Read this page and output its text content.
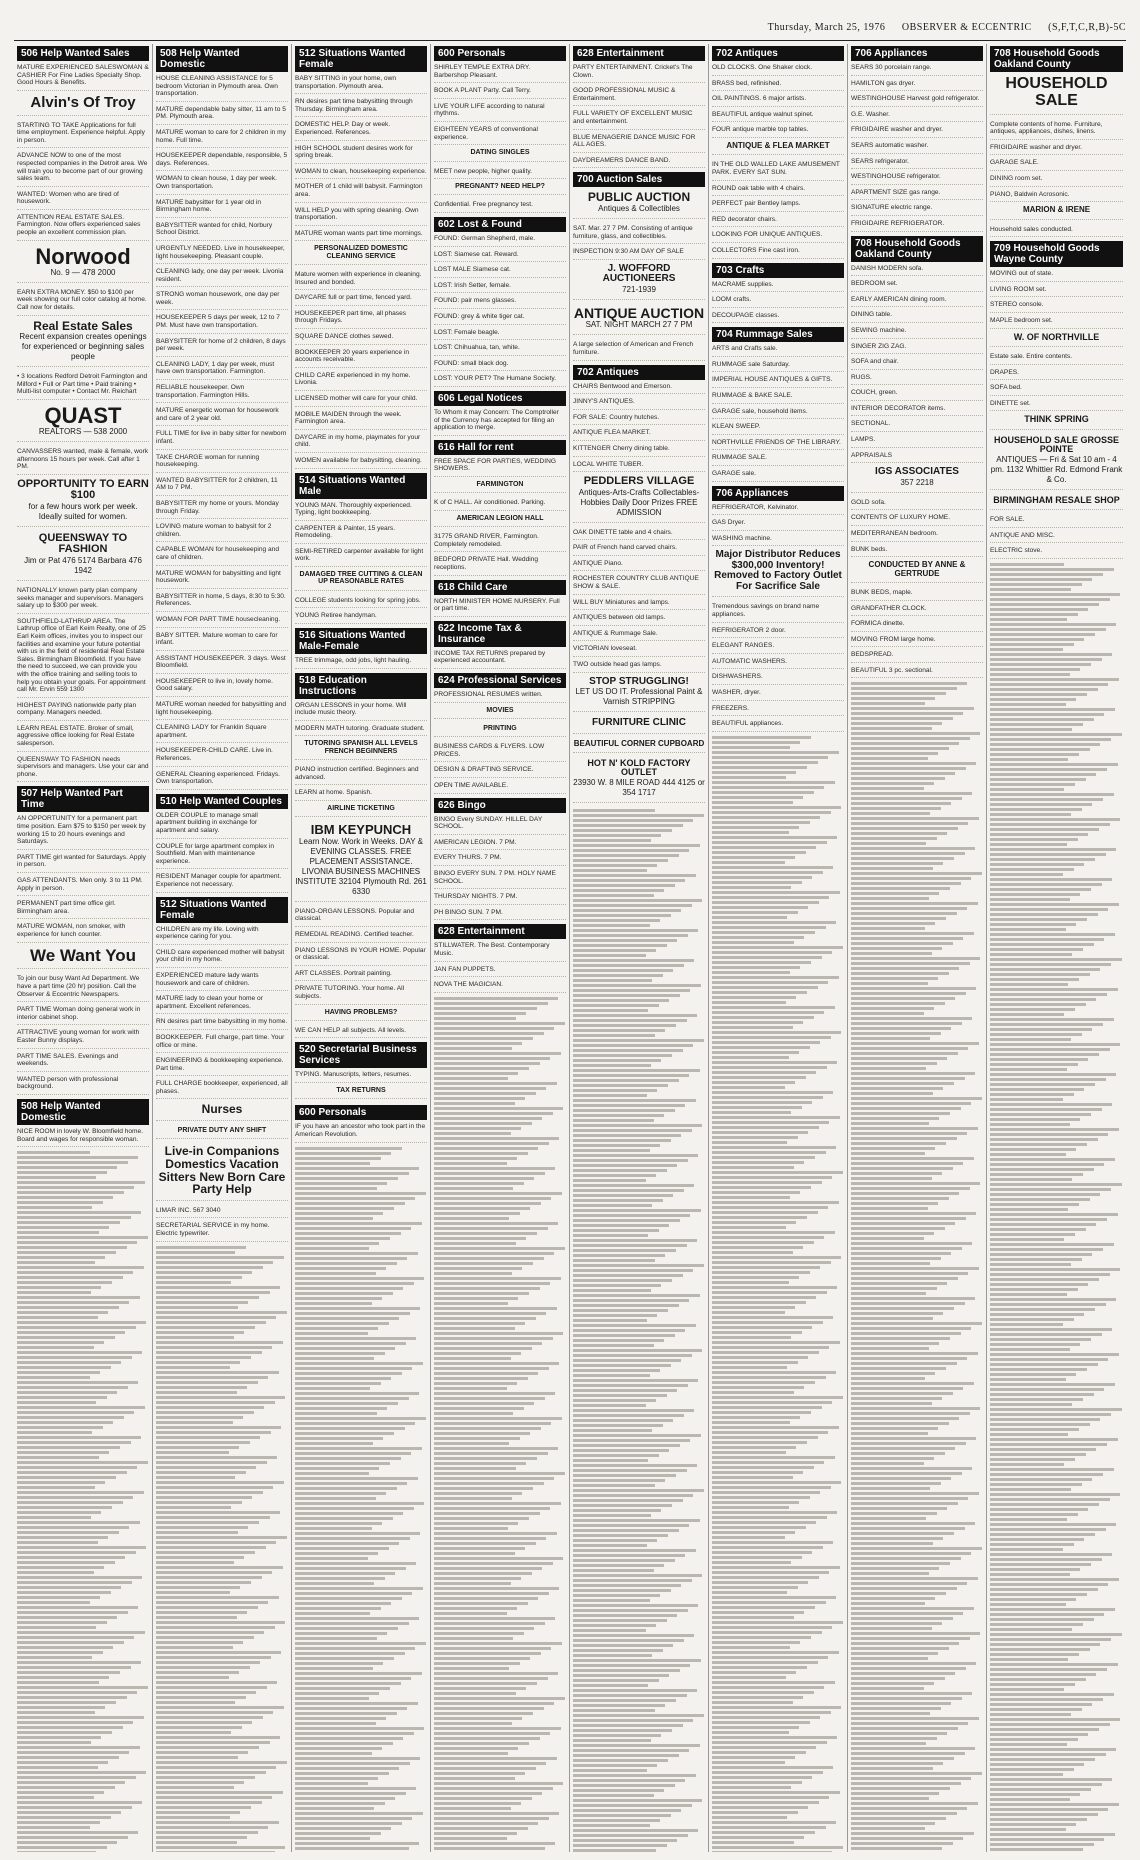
Thursday, March 25, 1976 OBSERVER & ECCENTRIC (S,F,T,C,R,B)-5C
506 Help Wanted Sales
MATURE EXPERIENCED SALESWOMAN & CASHIER For Fine Ladies Specialty Shop. Good Hours & Benefits.
Alvin's Of Troy
STARTING TO TAKE Applications for full time employment. Experience helpful. Apply in person.
ADVANCE NOW to one of the most respected companies in the Detroit area. We will train you to become part of our growing sales team.
WANTED: Women who are tired of housework.
ATTENTION REAL ESTATE SALES. Farmington. Now offers experienced sales people an excellent commission plan.
Norwood
No. 9 — 478 2000
EARN EXTRA MONEY. $50 to $100 per week showing our full color catalog at home. Call now for details.
Real Estate Sales
Recent expansion creates openings for experienced or beginning sales people
• 3 locations Redford Detroit Farmington and Milford • Full or Part time • Paid training • Multi-list computer • Contact Mr. Reichart
QUAST
REALTORS — 538 2000
CANVASSERS wanted, male & female, work afternoons 15 hours per week. Call after 1 PM.
OPPORTUNITY TO EARN $100
for a few hours work per week. Ideally suited for women.
QUEENSWAY TO FASHION
Jim or Pat 476 5174 Barbara 476 1942
NATIONALLY known party plan company seeks manager and supervisors. Managers salary up to $300 per week.
SOUTHFIELD-LATHRUP AREA. The Lathrup office of Earl Keim Realty, one of 25 Earl Keim offices, invites you to inspect our facilities and examine your future potential with us in the field of residential Real Estate Sales. Birmingham Bloomfield. If you have the need to succeed, we can provide you with the office training and selling tools to help you obtain your goals. For appointment call Mr. Ervin 559 1300
HIGHEST PAYING nationwide party plan company. Managers needed.
LEARN REAL ESTATE. Broker of small, aggressive office looking for Real Estate salesperson.
QUEENSWAY TO FASHION needs supervisors and managers. Use your car and phone.
507 Help Wanted Part Time
AN OPPORTUNITY for a permanent part time position. Earn $75 to $150 per week by working 15 to 20 hours evenings and Saturdays.
PART TIME girl wanted for Saturdays. Apply in person.
GAS ATTENDANTS. Men only. 3 to 11 PM. Apply in person.
PERMANENT part time office girl. Birmingham area.
MATURE WOMAN, non smoker, with experience for lunch counter.
We Want You
To join our busy Want Ad Department. We have a part time (20 hr) position. Call the Observer & Eccentric Newspapers.
PART TIME Woman doing general work in interior cabinet shop.
ATTRACTIVE young woman for work with Easter Bunny displays.
PART TIME SALES. Evenings and weekends.
WANTED person with professional background.
508 Help Wanted Domestic
NICE ROOM in lovely W. Bloomfield home. Board and wages for responsible woman.
508 Help Wanted Domestic
HOUSE CLEANING ASSISTANCE for 5 bedroom Victorian in Plymouth area. Own transportation.
MATURE dependable baby sitter, 11 am to 5 PM. Plymouth area.
MATURE woman to care for 2 children in my home. Full time.
HOUSEKEEPER dependable, responsible, 5 days. References.
WOMAN to clean house, 1 day per week. Own transportation.
MATURE babysitter for 1 year old in Birmingham home.
BABYSITTER wanted for child, Norbury School District.
URGENTLY NEEDED. Live in housekeeper, light housekeeping. Pleasant couple.
CLEANING lady, one day per week. Livonia resident.
STRONG woman housework, one day per week.
HOUSEKEEPER 5 days per week, 12 to 7 PM. Must have own transportation.
BABYSITTER for home of 2 children, 8 days per week.
CLEANING LADY, 1 day per week, must have own transportation. Farmington.
RELIABLE housekeeper. Own transportation. Farmington Hills.
MATURE energetic woman for housework and care of 2 year old.
FULL TIME for live in baby sitter for newborn infant.
TAKE CHARGE woman for running housekeeping.
WANTED BABYSITTER for 2 children, 11 AM to 7 PM.
BABYSITTER my home or yours. Monday through Friday.
LOVING mature woman to babysit for 2 children.
CAPABLE WOMAN for housekeeping and care of children.
MATURE WOMAN for babysitting and light housework.
BABYSITTER in home, 5 days, 8:30 to 5:30. References.
WOMAN FOR PART TIME housecleaning.
BABY SITTER. Mature woman to care for infant.
ASSISTANT HOUSEKEEPER. 3 days. West Bloomfield.
HOUSEKEEPER to live in, lovely home. Good salary.
MATURE woman needed for babysitting and light housekeeping.
CLEANING LADY for Franklin Square apartment.
HOUSEKEEPER-CHILD CARE. Live in. References.
GENERAL Cleaning experienced. Fridays. Own transportation.
510 Help Wanted Couples
OLDER COUPLE to manage small apartment building in exchange for apartment and salary.
COUPLE for large apartment complex in Southfield. Man with maintenance experience.
RESIDENT Manager couple for apartment. Experience not necessary.
512 Situations Wanted Female
CHILDREN are my life. Loving with experience caring for you.
CHILD care experienced mother will babysit your child in my home.
EXPERIENCED mature lady wants housework and care of children.
MATURE lady to clean your home or apartment. Excellent references.
RN desires part time babysitting in my home.
BOOKKEEPER. Full charge, part time. Your office or mine.
ENGINEERING & bookkeeping experience. Part time.
FULL CHARGE bookkeeper, experienced, all phases.
Nurses
PRIVATE DUTY ANY SHIFT
Live-in Companions Domestics Vacation Sitters New Born Care Party Help
LIMAR INC. 567 3040
SECRETARIAL SERVICE in my home. Electric typewriter.
512 Situations Wanted Female
BABY SITTING in your home, own transportation. Plymouth area.
RN desires part time babysitting through Thursday. Birmingham area.
DOMESTIC HELP. Day or week. Experienced. References.
HIGH SCHOOL student desires work for spring break.
WOMAN to clean, housekeeping experience.
MOTHER of 1 child will babysit. Farmington area.
WILL HELP you with spring cleaning. Own transportation.
MATURE woman wants part time mornings.
PERSONALIZED DOMESTIC CLEANING SERVICE
Mature women with experience in cleaning. Insured and bonded.
DAYCARE full or part time, fenced yard.
HOUSEKEEPER part time, all phases through Fridays.
SQUARE DANCE clothes sewed.
BOOKKEEPER 20 years experience in accounts receivable.
CHILD CARE experienced in my home. Livonia.
LICENSED mother will care for your child.
MOBILE MAIDEN through the week. Farmington area.
DAYCARE in my home, playmates for your child.
WOMEN available for babysitting, cleaning.
514 Situations Wanted Male
YOUNG MAN. Thoroughly experienced. Typing, light bookkeeping.
CARPENTER & Painter, 15 years. Remodeling.
SEMI-RETIRED carpenter available for light work.
DAMAGED TREE CUTTING & CLEAN UP REASONABLE RATES
COLLEGE students looking for spring jobs.
YOUNG Retiree handyman.
516 Situations Wanted Male-Female
TREE trimmage, odd jobs, light hauling.
518 Education Instructions
ORGAN LESSONS in your home. Will include music theory.
MODERN MATH tutoring. Graduate student.
TUTORING SPANISH ALL LEVELS FRENCH BEGINNERS
PIANO instruction certified. Beginners and advanced.
LEARN at home. Spanish.
AIRLINE TICKETING
IBM KEYPUNCH
Learn Now. Work in Weeks. DAY & EVENING CLASSES. FREE PLACEMENT ASSISTANCE. LIVONIA BUSINESS MACHINES INSTITUTE 32104 Plymouth Rd. 261 6330
PIANO-ORGAN LESSONS. Popular and classical.
REMEDIAL READING. Certified teacher.
PIANO LESSONS IN YOUR HOME. Popular or classical.
ART CLASSES. Portrait painting.
PRIVATE TUTORING. Your home. All subjects.
HAVING PROBLEMS?
WE CAN HELP all subjects. All levels.
520 Secretarial Business Services
TYPING. Manuscripts, letters, resumes.
TAX RETURNS
600 Personals
IF you have an ancestor who took part in the American Revolution.
600 Personals
SHIRLEY TEMPLE EXTRA DRY. Barbershop Pleasant.
BOOK A PLANT Party. Call Terry.
LIVE YOUR LIFE according to natural rhythms.
EIGHTEEN YEARS of conventional experience.
DATING SINGLES
MEET new people, higher quality.
PREGNANT? NEED HELP?
Confidential. Free pregnancy test.
602 Lost & Found
FOUND: German Shepherd, male.
LOST: Siamese cat. Reward.
LOST MALE Siamese cat.
LOST: Irish Setter, female.
FOUND: pair mens glasses.
FOUND: grey & white tiger cat.
LOST: Female beagle.
LOST: Chihuahua, tan, white.
FOUND: small black dog.
LOST: YOUR PET? The Humane Society.
606 Legal Notices
To Whom it may Concern: The Comptroller of the Currency has accepted for filing an application to merge.
616 Hall for rent
FREE SPACE FOR PARTIES, WEDDING SHOWERS.
FARMINGTON
K of C HALL. Air conditioned. Parking.
AMERICAN LEGION HALL
31775 GRAND RIVER, Farmington. Completely remodeled.
BEDFORD PRIVATE Hall. Wedding receptions.
618 Child Care
NORTH MINISTER HOME NURSERY. Full or part time.
622 Income Tax & Insurance
INCOME TAX RETURNS prepared by experienced accountant.
624 Professional Services
PROFESSIONAL RESUMES written.
MOVIES
PRINTING
BUSINESS CARDS & FLYERS. LOW PRICES.
DESIGN & DRAFTING SERVICE.
OPEN TIME AVAILABLE.
626 Bingo
BINGO Every SUNDAY. HILLEL DAY SCHOOL.
AMERICAN LEGION. 7 PM.
EVERY THURS. 7 PM.
BINGO EVERY SUN. 7 PM. HOLY NAME SCHOOL.
THURSDAY NIGHTS. 7 PM.
PH BINGO SUN. 7 PM.
628 Entertainment
STILLWATER. The Best. Contemporary Music.
JAN FAN PUPPETS.
NOVA THE MAGICIAN.
628 Entertainment
PARTY ENTERTAINMENT. Cricket's The Clown.
GOOD PROFESSIONAL MUSIC & Entertainment.
FULL VARIETY OF EXCELLENT MUSIC and entertainment.
BLUE MENAGERIE DANCE MUSIC FOR ALL AGES.
DAYDREAMERS DANCE BAND.
700 Auction Sales
PUBLIC AUCTION
Antiques & Collectibles
SAT. Mar. 27 7 PM. Consisting of antique furniture, glass, and collectibles.
INSPECTION 9:30 AM DAY OF SALE
J. WOFFORD AUCTIONEERS
721-1939
ANTIQUE AUCTION
SAT. NIGHT MARCH 27 7 PM
A large selection of American and French furniture.
702 Antiques
CHAIRS Bentwood and Emerson.
JINNY'S ANTIQUES.
FOR SALE: Country hutches.
ANTIQUE FLEA MARKET.
KITTENGER Cherry dining table.
LOCAL WHITE TUBER.
PEDDLERS VILLAGE
Antiques-Arts-Crafts Collectables-Hobbies Daily Door Prizes FREE ADMISSION
OAK DINETTE table and 4 chairs.
PAIR of French hand carved chairs.
ANTIQUE Piano.
ROCHESTER COUNTRY CLUB ANTIQUE SHOW & SALE.
WILL BUY Miniatures and lamps.
ANTIQUES between old lamps.
ANTIQUE & Rummage Sale.
VICTORIAN loveseat.
TWO outside head gas lamps.
STOP STRUGGLING!
LET US DO IT. Professional Paint & Varnish STRIPPING
FURNITURE CLINIC
BEAUTIFUL CORNER CUPBOARD
HOT N' KOLD FACTORY OUTLET
23930 W. 8 MILE ROAD 444 4125 or 354 1717
702 Antiques
OLD CLOCKS. One Shaker clock.
BRASS bed, refinished.
OIL PAINTINGS. 6 major artists.
BEAUTIFUL antique walnut spinet.
FOUR antique marble top tables.
ANTIQUE & FLEA MARKET
IN THE OLD WALLED LAKE AMUSEMENT PARK. EVERY SAT SUN.
ROUND oak table with 4 chairs.
PERFECT pair Bentley lamps.
RED decorator chairs.
LOOKING FOR UNIQUE ANTIQUES.
COLLECTORS Fine cast iron.
703 Crafts
MACRAME supplies.
LOOM crafts.
DECOUPAGE classes.
704 Rummage Sales
ARTS and Crafts sale.
RUMMAGE sale Saturday.
IMPERIAL HOUSE ANTIQUES & GIFTS.
RUMMAGE & BAKE SALE.
GARAGE sale, household items.
KLEAN SWEEP.
NORTHVILLE FRIENDS OF THE LIBRARY.
RUMMAGE SALE.
GARAGE sale.
706 Appliances
REFRIGERATOR, Kelvinator.
GAS Dryer.
WASHING machine.
Major Distributor Reduces $300,000 Inventory! Removed to Factory Outlet For Sacrifice Sale
Tremendous savings on brand name appliances.
REFRIGERATOR 2 door.
ELEGANT RANGES.
AUTOMATIC WASHERS.
DISHWASHERS.
WASHER, dryer.
FREEZERS.
BEAUTIFUL appliances.
706 Appliances
SEARS 30 porcelain range.
HAMILTON gas dryer.
WESTINGHOUSE Harvest gold refrigerator.
G.E. Washer.
FRIGIDAIRE washer and dryer.
SEARS automatic washer.
SEARS refrigerator.
WESTINGHOUSE refrigerator.
APARTMENT SIZE gas range.
SIGNATURE electric range.
FRIGIDAIRE REFRIGERATOR.
708 Household Goods Oakland County
DANISH MODERN sofa.
BEDROOM set.
EARLY AMERICAN dining room.
DINING table.
SEWING machine.
SINGER ZIG ZAG.
SOFA and chair.
RUGS.
COUCH, green.
INTERIOR DECORATOR items.
SECTIONAL.
LAMPS.
APPRAISALS
IGS ASSOCIATES
357 2218
GOLD sofa.
CONTENTS OF LUXURY HOME.
MEDITERRANEAN bedroom.
BUNK beds.
CONDUCTED BY ANNE & GERTRUDE
BUNK BEDS, maple.
GRANDFATHER CLOCK.
FORMICA dinette.
MOVING FROM large home.
BEDSPREAD.
BEAUTIFUL 3 pc. sectional.
708 Household Goods Oakland County
HOUSEHOLD SALE
Complete contents of home. Furniture, antiques, appliances, dishes, linens.
FRIGIDAIRE washer and dryer.
GARAGE SALE.
DINING room set.
PIANO, Baldwin Acrosonic.
MARION & IRENE
Household sales conducted.
709 Household Goods Wayne County
MOVING out of state.
LIVING ROOM set.
STEREO console.
MAPLE bedroom set.
W. OF NORTHVILLE
Estate sale. Entire contents.
DRAPES.
SOFA bed.
DINETTE set.
THINK SPRING
HOUSEHOLD SALE GROSSE POINTE
ANTIQUES — Fri & Sat 10 am - 4 pm. 1132 Whittier Rd. Edmond Frank & Co.
BIRMINGHAM RESALE SHOP
FOR SALE.
ANTIQUE AND MISC.
ELECTRIC stove.
